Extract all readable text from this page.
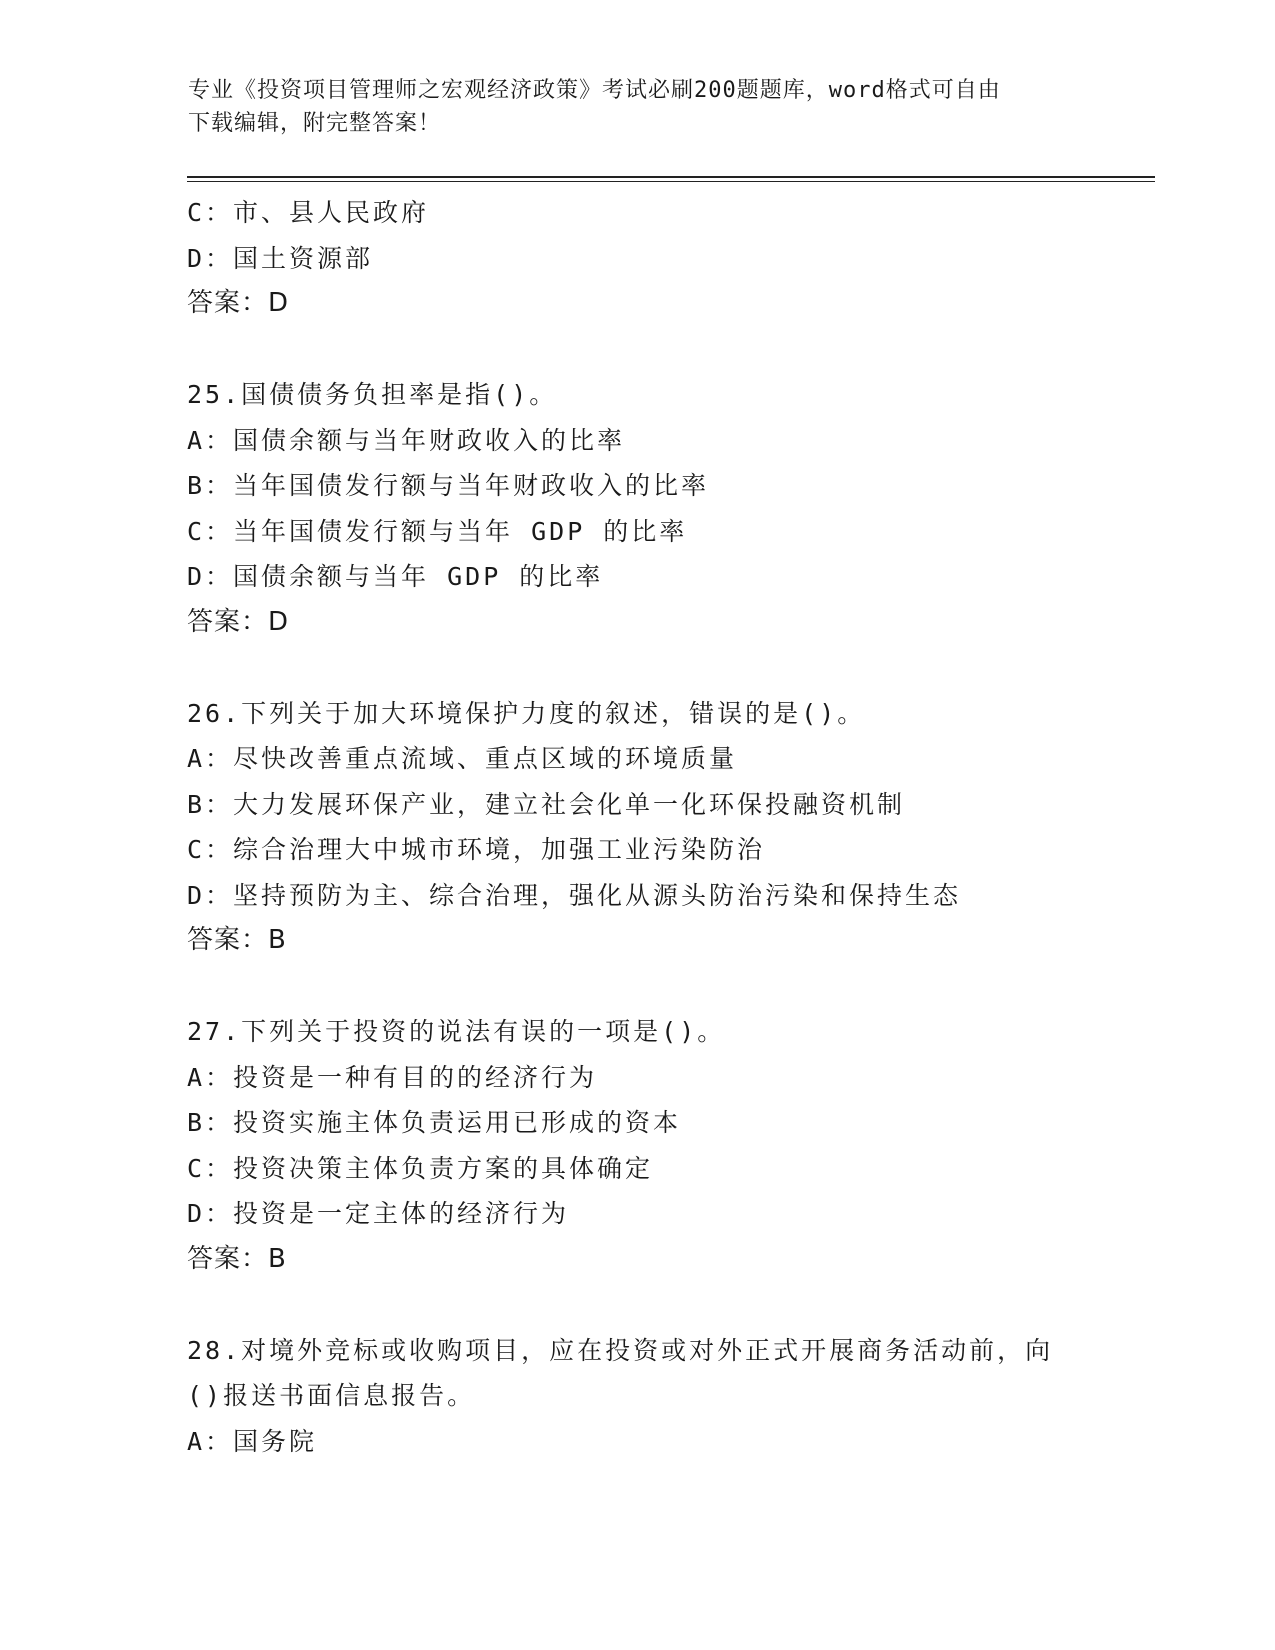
专业《投资项目管理师之宏观经济政策》考试必刷200题题库，word格式可自由
下载编辑，附完整答案！
C：市、县人民政府
D：国土资源部
答案：D
25.国债债务负担率是指()。
A：国债余额与当年财政收入的比率
B：当年国债发行额与当年财政收入的比率
C：当年国债发行额与当年 GDP 的比率
D：国债余额与当年 GDP 的比率
答案：D
26.下列关于加大环境保护力度的叙述，错误的是()。
A：尽快改善重点流域、重点区域的环境质量
B：大力发展环保产业，建立社会化单一化环保投融资机制
C：综合治理大中城市环境，加强工业污染防治
D：坚持预防为主、综合治理，强化从源头防治污染和保持生态
答案：B
27.下列关于投资的说法有误的一项是()。
A：投资是一种有目的的经济行为
B：投资实施主体负责运用已形成的资本
C：投资决策主体负责方案的具体确定
D：投资是一定主体的经济行为
答案：B
28.对境外竞标或收购项目，应在投资或对外正式开展商务活动前，向
()报送书面信息报告。
A：国务院
